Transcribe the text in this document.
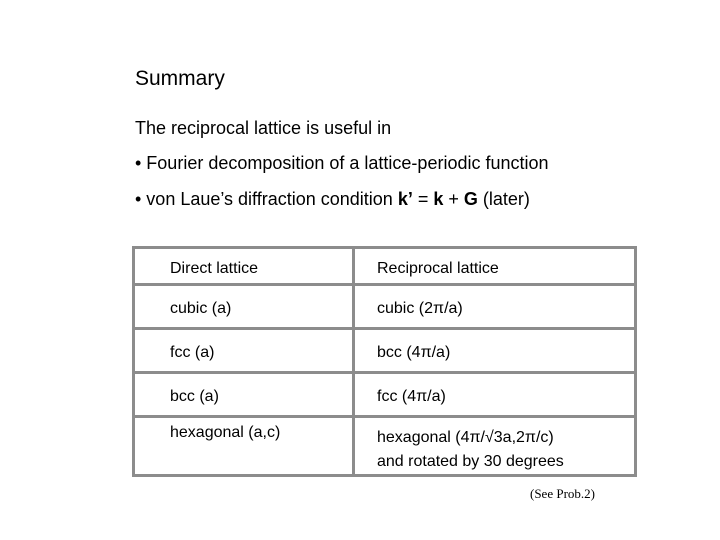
Summary
The reciprocal lattice is useful in
• Fourier decomposition of a lattice-periodic function
• von Laue’s diffraction condition k’ = k + G (later)
Direct lattice	Reciprocal lattice
cubic (a)	cubic (2π/a)
fcc (a)	bcc (4π/a)
bcc (a)	fcc (4π/a)
hexagonal (a,c)	hexagonal (4π/√3a,2π/c)
and rotated by 30 degrees
(See Prob.2)
